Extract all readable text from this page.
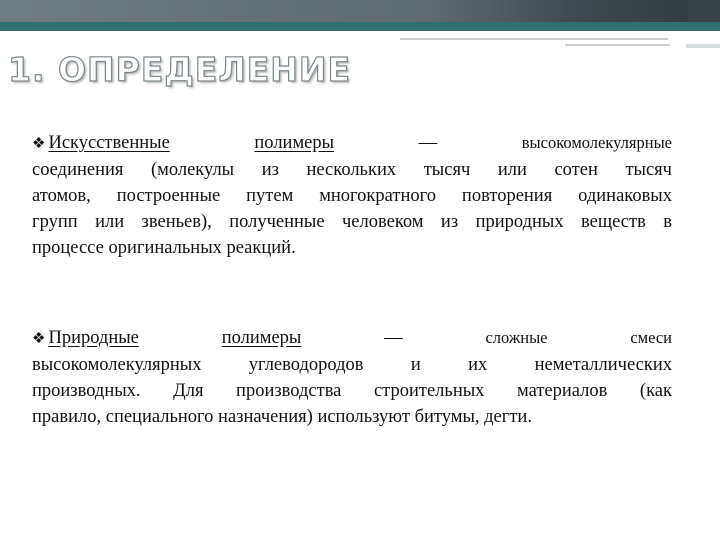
1. ОПРЕДЕЛЕНИЕ
❖ Искусственные	полимеры	—	высокомолекулярные
соединения (молекулы из нескольких тысяч или сотен тысяч
атомов, построенные путем многократного повторения одинаковых
групп или звеньев), полученные человеком из природных веществ в
процессе оригинальных реакций.
❖ Природные	полимеры	—	сложные	смеси
высокомолекулярных углеводородов и их неметаллических
производных. Для производства строительных материалов (как
правило, специального назначения) используют битумы, дегти.
